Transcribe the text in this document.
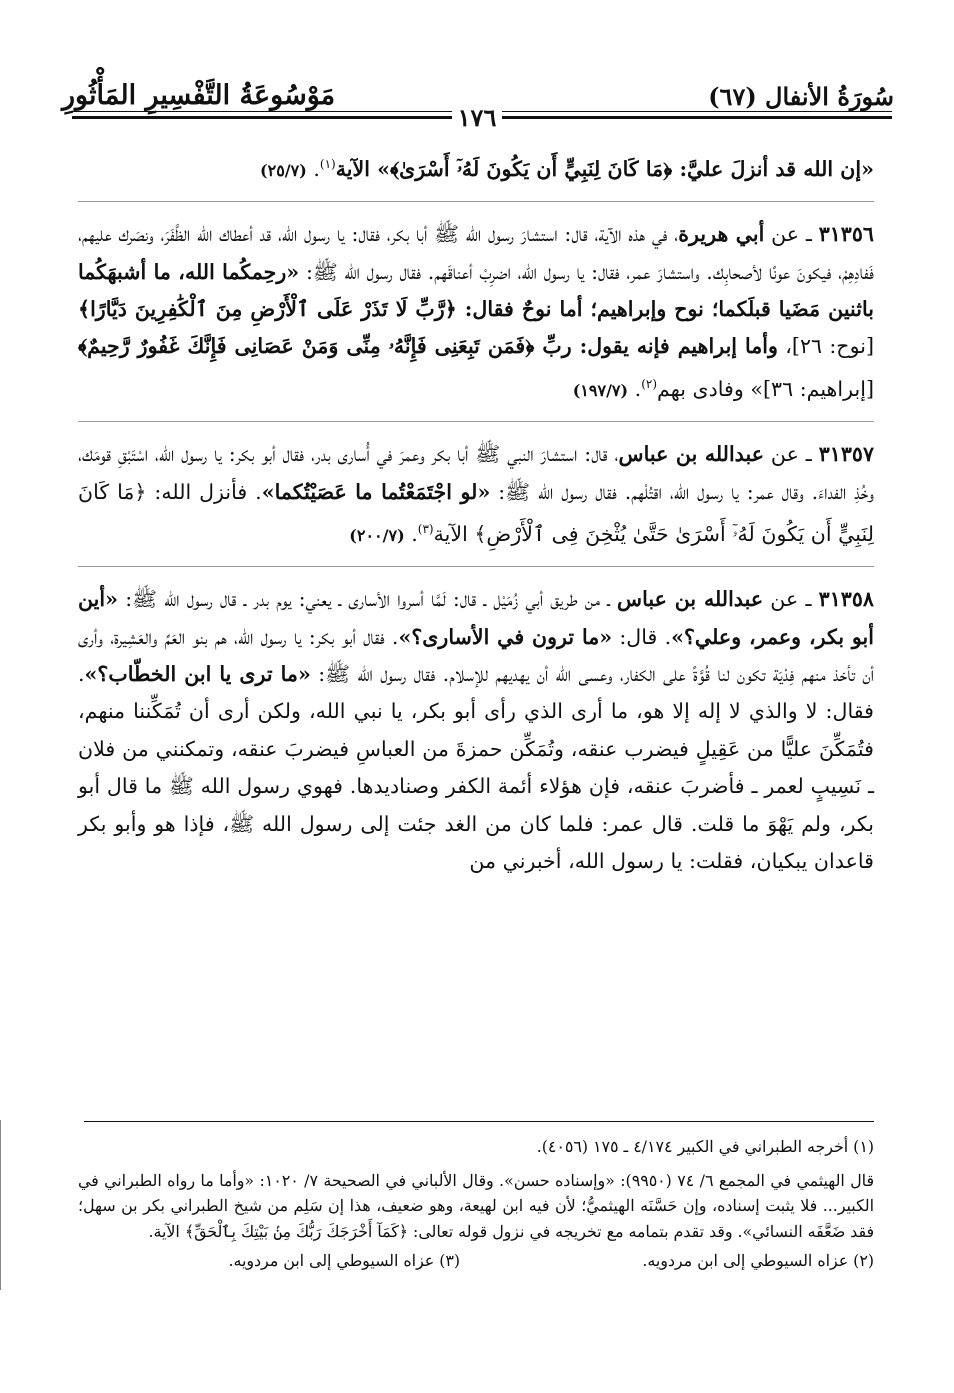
سُورَةُ الأنفال (٦٧)
مَوْسُوعَةُ التَّفْسِيرِ المَأْثُورِ
١٧٦

«إن الله قد أنزلَ عليَّ: ﴿مَا كَانَ لِنَبِيٍّ أَن يَكُونَ لَهُۥٓ أَسْرَىٰ﴾» الآية$^{(١)}$. (٢٥/٧)

٣١٣٥٦ ـ عن أبي هريرة، في هذه الآية، قال: استشارَ رسول الله ﷺ أبا بكر، فقال: يا رسول الله، قد أعطاك الله الظَّفَرَ، ونصَرك عليهم، فَفادِهِمْ، فيكونَ عونًا لأصحابِك. واستشارَ عمر، فقال: يا رسول الله، اضرِبْ أعناقَهم. فقال رسول الله ﷺ: «رحِمكُما الله، ما أشبهَكُما باثنين مَضَيا قبلَكما؛ نوح وإبراهيم؛ أما نوحٌ فقال: ﴿رَّبِّ لَا تَذَرْ عَلَى ٱلْأَرْضِ مِنَ ٱلْكَٰفِرِينَ دَيَّارًا﴾ [نوح: ٢٦]، وأما إبراهيم فإنه يقول: ربِّ ﴿فَمَن تَبِعَنِى فَإِنَّهُۥ مِنِّى وَمَنْ عَصَانِى فَإِنَّكَ غَفُورٌ رَّحِيمٌ﴾ [إبراهيم: ٣٦]» وفادى بهم$^{(٢)}$. (١٩٧/٧)

٣١٣٥٧ ـ عن عبدالله بن عباس، قال: استشارَ النبي ﷺ أبا بكر وعمرَ في أُسارى بدر، فقال أبو بكر: يا رسول الله، اسْتَبْقِ قومَك، وخُذِ الفداءَ. وقال عمر: يا رسول الله، اقتُلْهم. فقال رسول الله ﷺ: «لو اجْتَمَعْتُما ما عَصَيْتُكما». فأنزل الله: ﴿مَا كَانَ لِنَبِيٍّ أَن يَكُونَ لَهُۥٓ أَسْرَىٰ حَتَّىٰ يُثْخِنَ فِى ٱلْأَرْضِ﴾ الآية$^{(٣)}$. (٢٠٠/٧)

٣١٣٥٨ ـ عن عبدالله بن عباس ـ من طريق أبي زُمَيْل ـ قال: لَمَّا أسروا الأسارى ـ يعني: يوم بدر ـ قال رسول الله ﷺ: «أين أبو بكر، وعمر، وعلي؟». قال: «ما ترون في الأسارى؟». فقال أبو بكر: يا رسول الله، هم بنو العَمِّ والعَشِيرة، وأرى أن تأخذ منهم فِدْيَة تكون لنا قُوَّةً على الكفار، وعسى الله أن يهديهم للإسلام. فقال رسول الله ﷺ: «ما ترى يا ابن الخطّاب؟». فقال: لا والذي لا إله إلا هو، ما أرى الذي رأى أبو بكر، يا نبي الله، ولكن أرى أن تُمَكِّننا منهم، فتُمَكِّنَ عليًّا من عَقِيلٍ فيضرب عنقه، وتُمَكِّن حمزةَ من العباسِ فيضربَ عنقه، وتمكنني من فلان ـ نَسِيبٍ لعمر ـ فأضربَ عنقه، فإن هؤلاء أئمة الكفر وصناديدها. فهوي رسول الله ﷺ ما قال أبو بكر، ولم يَهْوَ ما قلت. قال عمر: فلما كان من الغد جئت إلى رسول الله ﷺ، فإذا هو وأبو بكر قاعدان يبكيان، فقلت: يا رسول الله، أخبرني من

(١) أخرجه الطبراني في الكبير ٤/١٧٤ ـ ١٧٥ (٤٠٥٦).

قال الهيثمي في المجمع ٦/ ٧٤ (٩٩٥٠): «وإسناده حسن». وقال الألباني في الصحيحة ٧/ ١٠٢٠: «وأما ما رواه الطبراني في الكبير... فلا يثبت إسناده، وإن حَسَّنَه الهيثميُّ؛ لأن فيه ابن لهيعة، وهو ضعيف، هذا إن سَلِم من شيخ الطبراني بكر بن سهل؛ فقد ضَعَّفَه النسائي». وقد تقدم بتمامه مع تخريجه في نزول قوله تعالى: ﴿كَمَآ أَخْرَجَكَ رَبُّكَ مِنۢ بَيْتِكَ بِٱلْحَقِّ﴾ الآية.

(٢) عزاه السيوطي إلى ابن مردويه.
(٣) عزاه السيوطي إلى ابن مردويه.
